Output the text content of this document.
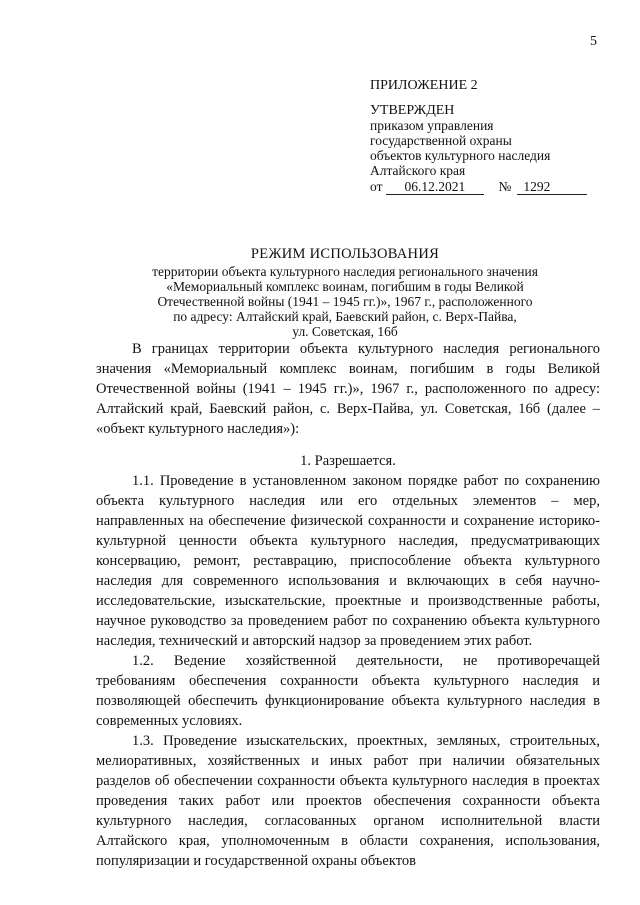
5
ПРИЛОЖЕНИЕ 2
УТВЕРЖДЕН
приказом управления
государственной охраны
объектов культурного наследия
Алтайского края
от	06.12.2021	№ 1292
РЕЖИМ ИСПОЛЬЗОВАНИЯ
территории объекта культурного наследия регионального значения
«Мемориальный комплекс воинам, погибшим в годы Великой
Отечественной войны (1941 – 1945 гг.)», 1967 г., расположенного
по адресу: Алтайский край, Баевский район, с. Верх-Пайва,
ул. Советская, 16б

В границах территории объекта культурного наследия регионального значения «Мемориальный комплекс воинам, погибшим в годы Великой Отечественной войны (1941 – 1945 гг.)», 1967 г., расположенного по адресу: Алтайский край, Баевский район, с. Верх-Пайва, ул. Советская, 16б (далее – «объект культурного наследия»):

1. Разрешается.

1.1. Проведение в установленном законом порядке работ по сохранению объекта культурного наследия или его отдельных элементов – мер, направленных на обеспечение физической сохранности и сохранение историко-культурной ценности объекта культурного наследия, предусматривающих консервацию, ремонт, реставрацию, приспособление объекта культурного наследия для современного использования и включающих в себя научно-исследовательские, изыскательские, проектные и производственные работы, научное руководство за проведением работ по сохранению объекта культурного наследия, технический и авторский надзор за проведением этих работ.

1.2. Ведение хозяйственной деятельности, не противоречащей требованиям обеспечения сохранности объекта культурного наследия и позволяющей обеспечить функционирование объекта культурного наследия в современных условиях.

1.3. Проведение изыскательских, проектных, земляных, строительных, мелиоративных, хозяйственных и иных работ при наличии обязательных разделов об обеспечении сохранности объекта культурного наследия в проектах проведения таких работ или проектов обеспечения сохранности объекта культурного наследия, согласованных органом исполнительной власти Алтайского края, уполномоченным в области сохранения, использования, популяризации и государственной охраны объектов
